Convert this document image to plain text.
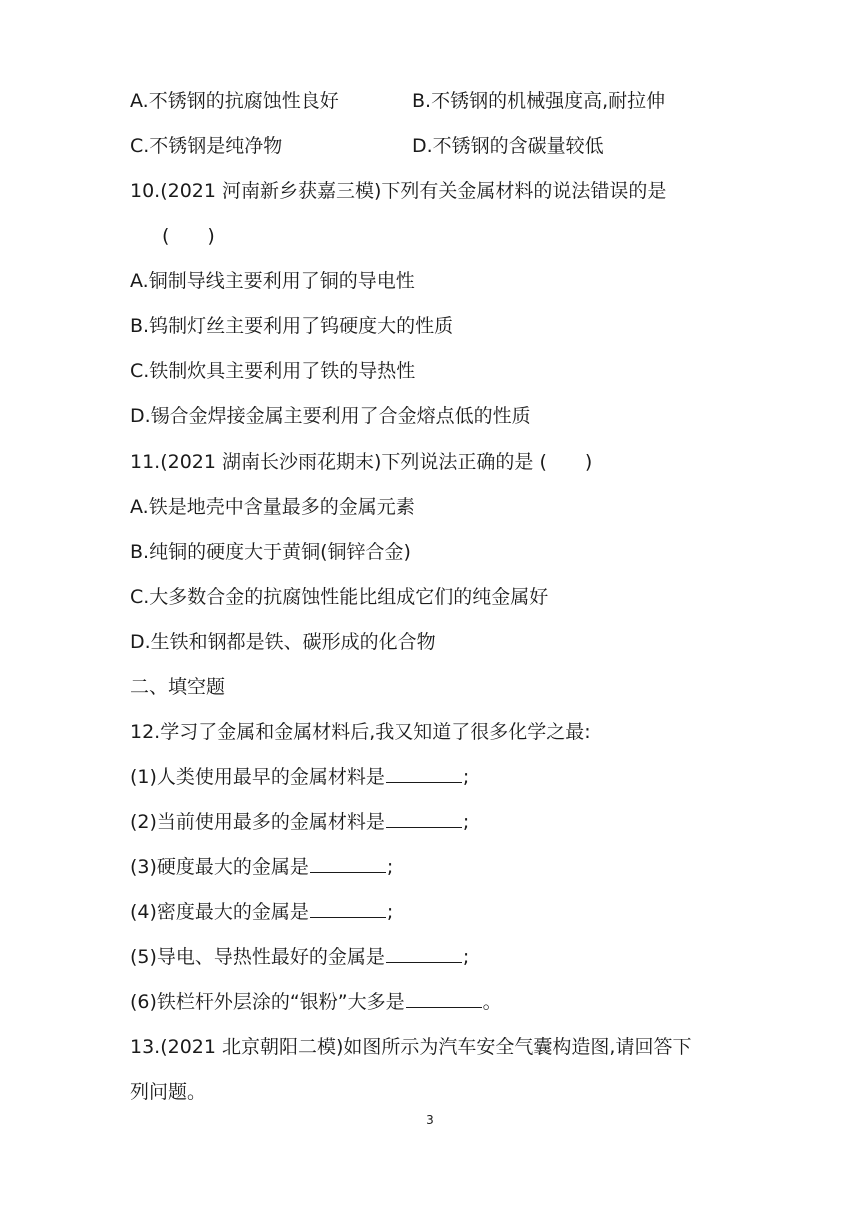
A.不锈钢的抗腐蚀性良好	B.不锈钢的机械强度高,耐拉伸
C.不锈钢是纯净物	D.不锈钢的含碳量较低
10.(2021 河南新乡获嘉三模)下列有关金属材料的说法错误的是
(　　)
A.铜制导线主要利用了铜的导电性
B.钨制灯丝主要利用了钨硬度大的性质
C.铁制炊具主要利用了铁的导热性
D.锡合金焊接金属主要利用了合金熔点低的性质
11.(2021 湖南长沙雨花期末)下列说法正确的是 (　　)
A.铁是地壳中含量最多的金属元素
B.纯铜的硬度大于黄铜(铜锌合金)
C.大多数合金的抗腐蚀性能比组成它们的纯金属好
D.生铁和钢都是铁、碳形成的化合物
二、填空题
12.学习了金属和金属材料后,我又知道了很多化学之最:
(1)人类使用最早的金属材料是	;
(2)当前使用最多的金属材料是	;
(3)硬度最大的金属是	;
(4)密度最大的金属是	;
(5)导电、导热性最好的金属是	;
(6)铁栏杆外层涂的“银粉”大多是	。
13.(2021 北京朝阳二模)如图所示为汽车安全气囊构造图,请回答下
列问题。
3
